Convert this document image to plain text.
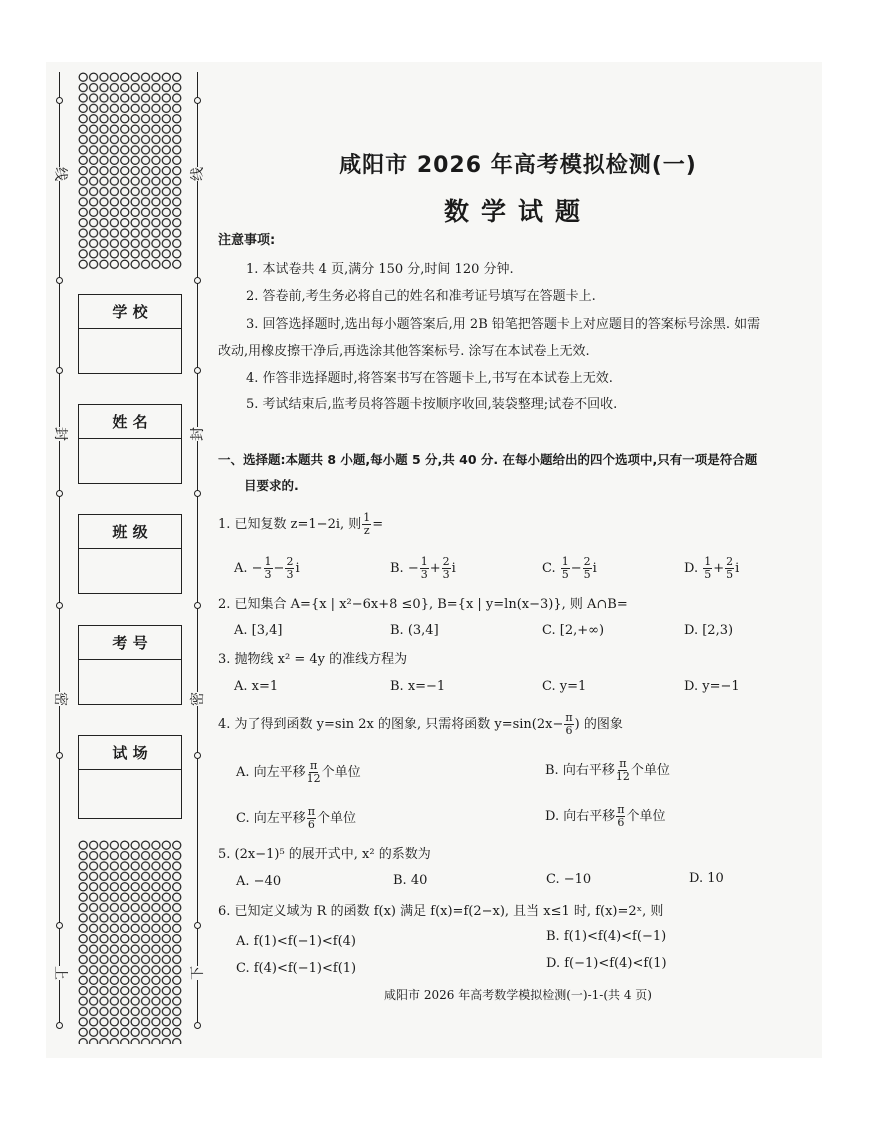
线	线
封	封
密	密
上	下
学 校
姓 名
班 级
考 号
试 场
咸阳市 2026 年高考模拟检测(一)
数学试题
注意事项:
1. 本试卷共 4 页,满分 150 分,时间 120 分钟.
2. 答卷前,考生务必将自己的姓名和准考证号填写在答题卡上.
3. 回答选择题时,选出每小题答案后,用 2B 铅笔把答题卡上对应题目的答案标号涂黑. 如需
改动,用橡皮擦干净后,再选涂其他答案标号. 涂写在本试卷上无效.
4. 作答非选择题时,将答案书写在答题卡上,书写在本试卷上无效.
5. 考试结束后,监考员将答题卡按顺序收回,装袋整理;试卷不回收.
一、选择题:本题共 8 小题,每小题 5 分,共 40 分. 在每小题给出的四个选项中,只有一项是符合题
目要求的.
1. 已知复数 z=1−2i, 则 $\frac{1}{z}$ =
A. − $\frac{1}{3} - \frac{2}{3}$ i	B. − $\frac{1}{3} + \frac{2}{3}$ i	C. $\frac{1}{5} - \frac{2}{5}$ i	D. $\frac{1}{5} + \frac{2}{5}$ i
2. 已知集合 A={x | x²−6x+8 ≤0}, B={x | y=ln(x−3)}, 则 A∩B=
A. [3,4]	B. (3,4]	C. [2,+∞)	D. [2,3)
3. 抛物线 x² = 4y 的准线方程为
A. x=1	B. x=−1	C. y=1	D. y=−1
4. 为了得到函数 y=sin 2x 的图象, 只需将函数 $y=\sin(2x- \frac{\pi}{6}$ ) 的图象
A. 向左平移 $\frac{\pi}{12}$ 个单位	B. 向右平移 $\frac{\pi}{12}$ 个单位
C. 向左平移 $\frac{\pi}{6}$ 个单位	D. 向右平移 $\frac{\pi}{6}$ 个单位
5. (2x−1)⁵ 的展开式中, x² 的系数为
A. −40	B. 40	C. −10	D. 10
6. 已知定义域为 R 的函数 f(x) 满足 f(x)=f(2−x), 且当 x≤1 时, f(x)=2ˣ, 则
A. f(1)<f(−1)<f(4)	B. f(1)<f(4)<f(−1)
C. f(4)<f(−1)<f(1)	D. f(−1)<f(4)<f(1)
咸阳市 2026 年高考数学模拟检测(一)-1-(共 4 页)
